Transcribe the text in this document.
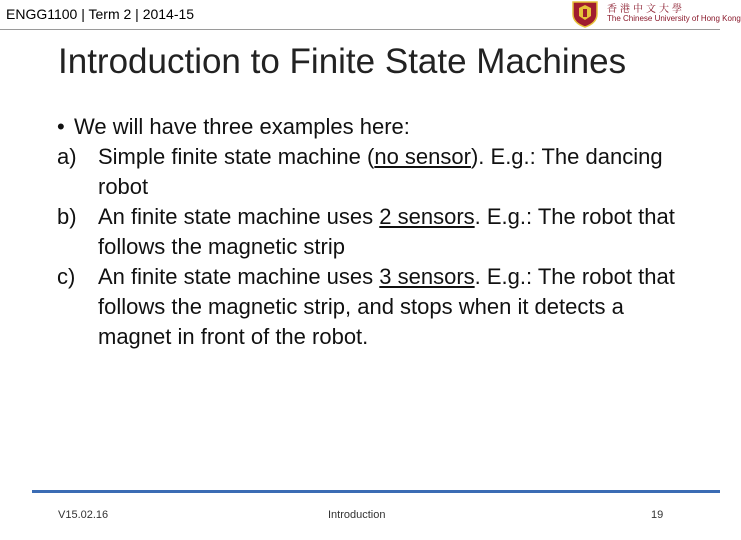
ENGG1100 | Term 2 | 2014-15	香港中文大學
The Chinese University of Hong Kong
Introduction to Finite State Machines
• We will have three examples here:
a) Simple finite state machine (no sensor). E.g.: The dancing robot
b) An finite state machine uses 2 sensors. E.g.: The robot that follows the magnetic strip
c) An finite state machine uses 3 sensors. E.g.: The robot that follows the magnetic strip, and stops when it detects a magnet in front of the robot.
V15.02.16	Introduction	19
